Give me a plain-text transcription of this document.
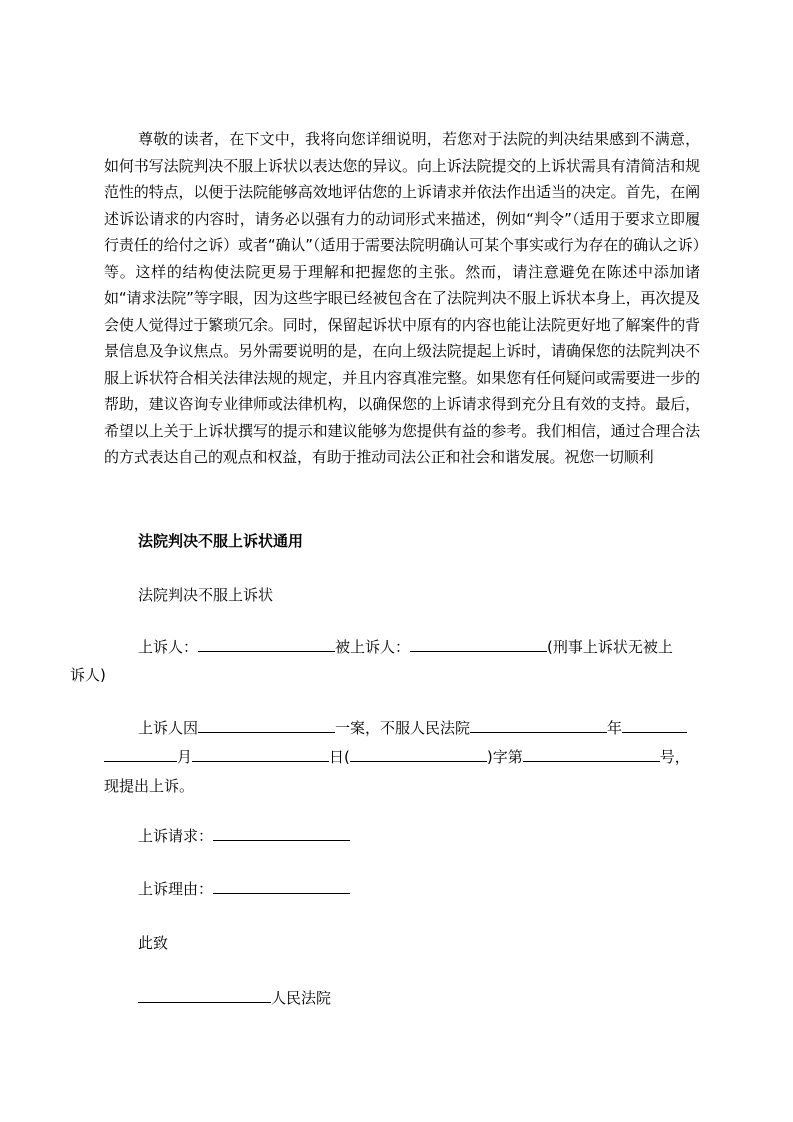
尊敬的读者，在下文中，我将向您详细说明，若您对于法院的判决结果感到不满意，如何书写法院判决不服上诉状以表达您的异议。向上诉法院提交的上诉状需具有清简洁和规范性的特点，以便于法院能够高效地评估您的上诉请求并依法作出适当的决定。首先，在阐述诉讼请求的内容时，请务必以强有力的动词形式来描述，例如“判令”（适用于要求立即履行责任的给付之诉）或者“确认”（适用于需要法院明确认可某个事实或行为存在的确认之诉）等。这样的结构使法院更易于理解和把握您的主张。然而，请注意避免在陈述中添加诸如“请求法院”等字眼，因为这些字眼已经被包含在了法院判决不服上诉状本身上，再次提及会使人觉得过于繁琐冗余。同时，保留起诉状中原有的内容也能让法院更好地了解案件的背景信息及争议焦点。另外需要说明的是，在向上级法院提起上诉时，请确保您的法院判决不服上诉状符合相关法律法规的规定，并且内容真准完整。如果您有任何疑问或需要进一步的帮助，建议咨询专业律师或法律机构，以确保您的上诉请求得到充分且有效的支持。最后，希望以上关于上诉状撰写的提示和建议能够为您提供有益的参考。我们相信，通过合理合法的方式表达自己的观点和权益，有助于推动司法公正和社会和谐发展。祝您一切顺利

法院判决不服上诉状通用
法院判决不服上诉状
上诉人：	被上诉人：	(刑事上诉状无被上
诉人)
上诉人因	一案，不服人民法院	年
月	日(	)字第	号，
现提出上诉。
上诉请求：
上诉理由：
此致
人民法院
